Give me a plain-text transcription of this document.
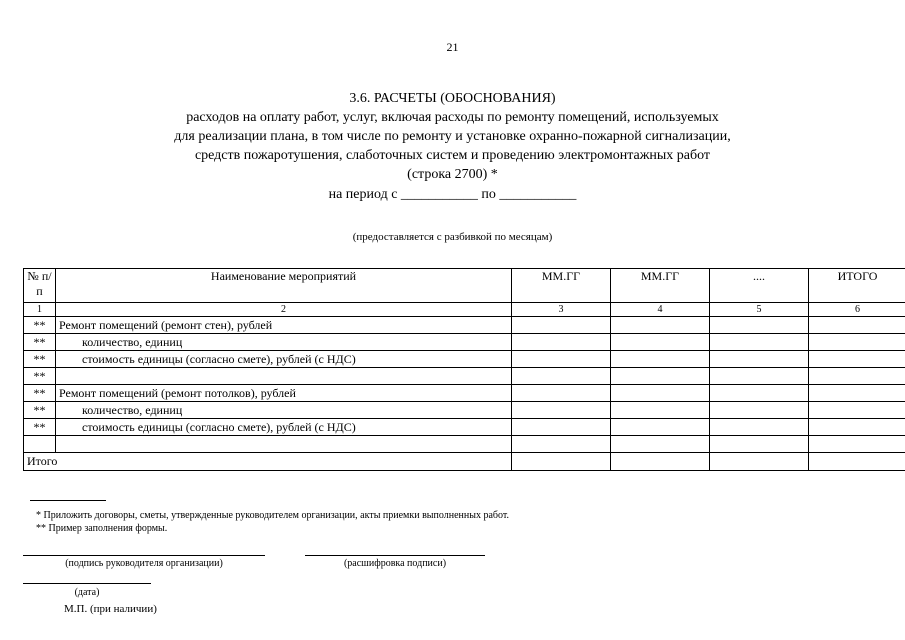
21
3.6. РАСЧЕТЫ (ОБОСНОВАНИЯ)
расходов на оплату работ, услуг, включая расходы по ремонту помещений, используемых
для реализации плана, в том числе по ремонту и установке охранно-пожарной сигнализации,
средств пожаротушения, слаботочных систем и проведению электромонтажных работ
(строка 2700) *
на период с ___________ по ___________
(предоставляется с разбивкой по месяцам)
№ п/п	Наименование мероприятий	ММ.ГГ	ММ.ГГ	....	ИТОГО
1	2	3	4	5	6
**	Ремонт помещений (ремонт стен), рублей				
**	количество, единиц				
**	стоимость единицы (согласно смете), рублей (с НДС)				
**					
**	Ремонт помещений (ремонт потолков), рублей				
**	количество, единиц				
**	стоимость единицы (согласно смете), рублей (с НДС)				

Итого					
* Приложить договоры, сметы, утвержденные руководителем организации, акты приемки выполненных работ.
** Пример заполнения формы.
(подпись руководителя организации)	(расшифровка подписи)
(дата)
М.П. (при наличии)
